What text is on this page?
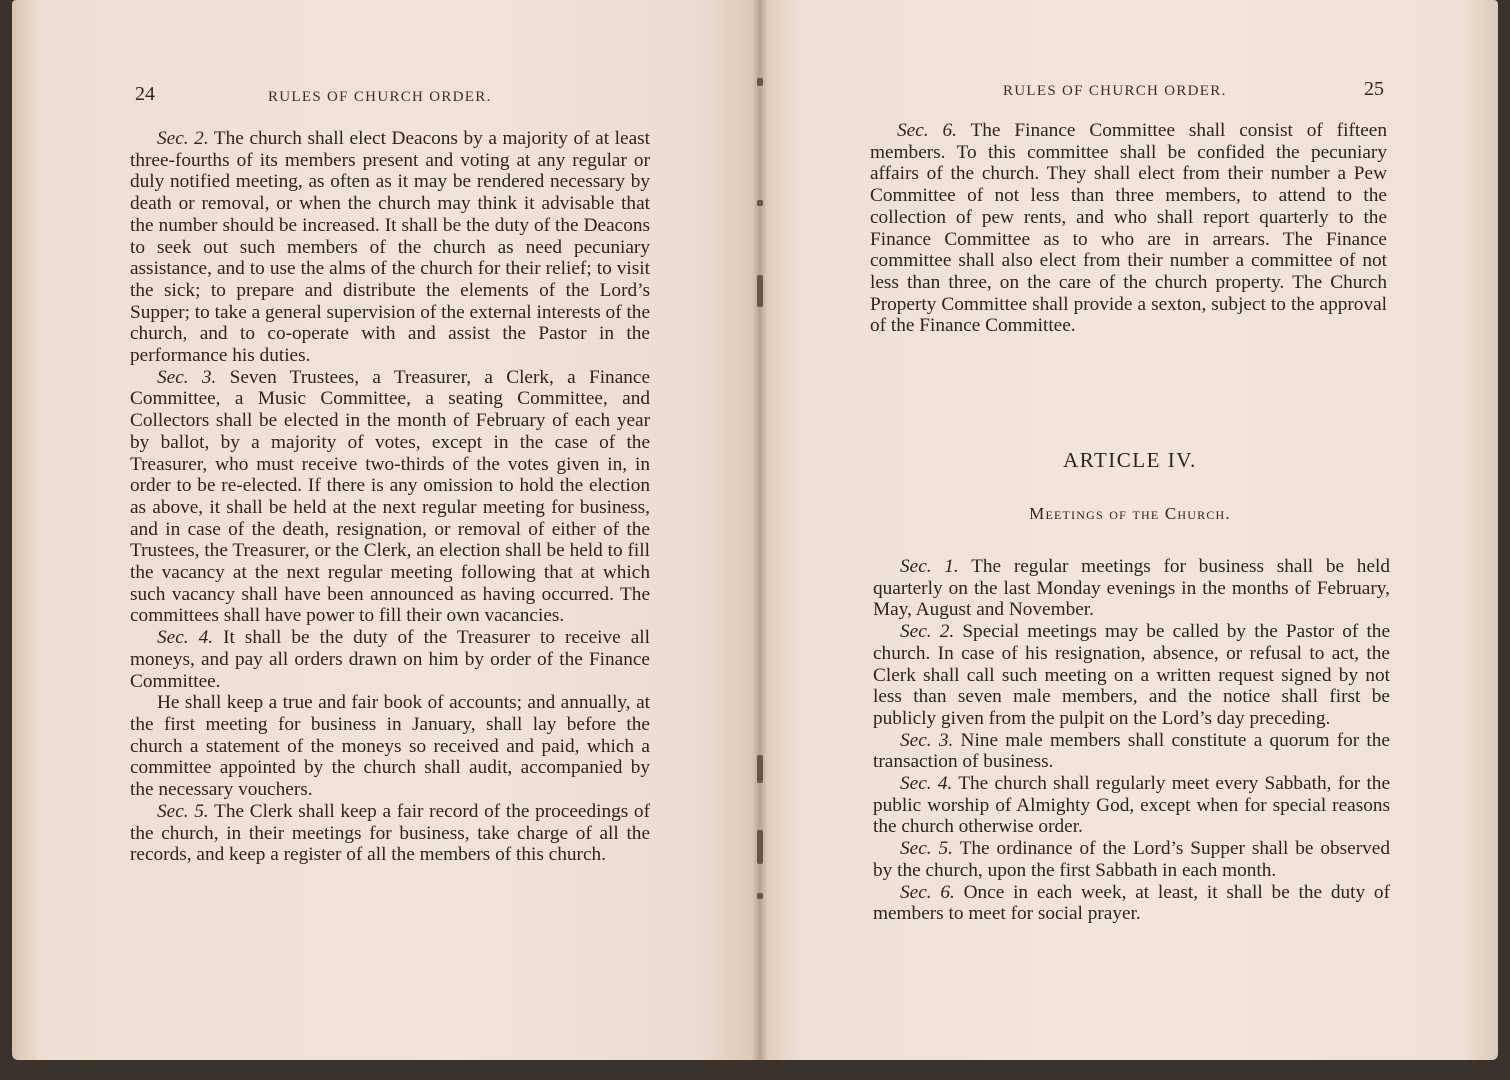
24	RULES OF CHURCH ORDER.

Sec. 2. The church shall elect Deacons by a majority of at least three-fourths of its members present and voting at any regular or duly notified meeting, as often as it may be rendered necessary by death or removal, or when the church may think it advisable that the number should be increased. It shall be the duty of the Deacons to seek out such members of the church as need pecuniary assistance, and to use the alms of the church for their relief; to visit the sick; to prepare and distribute the elements of the Lord’s Supper; to take a general supervision of the external interests of the church, and to co-operate with and assist the Pastor in the performance his duties.

Sec. 3. Seven Trustees, a Treasurer, a Clerk, a Finance Committee, a Music Committee, a seating Committee, and Collectors shall be elected in the month of February of each year by ballot, by a majority of votes, except in the case of the Treasurer, who must receive two-thirds of the votes given in, in order to be re-elected. If there is any omission to hold the election as above, it shall be held at the next regular meeting for business, and in case of the death, resignation, or removal of either of the Trustees, the Treasurer, or the Clerk, an election shall be held to fill the vacancy at the next regular meeting following that at which such vacancy shall have been announced as having occurred. The committees shall have power to fill their own vacancies.

Sec. 4. It shall be the duty of the Treasurer to receive all moneys, and pay all orders drawn on him by order of the Finance Committee.

He shall keep a true and fair book of accounts; and annually, at the first meeting for business in January, shall lay before the church a statement of the moneys so received and paid, which a committee appointed by the church shall audit, accompanied by the necessary vouchers.

Sec. 5. The Clerk shall keep a fair record of the proceedings of the church, in their meetings for business, take charge of all the records, and keep a register of all the members of this church.

RULES OF CHURCH ORDER.	25

Sec. 6. The Finance Committee shall consist of fifteen members. To this committee shall be confided the pecuniary affairs of the church. They shall elect from their number a Pew Committee of not less than three members, to attend to the collection of pew rents, and who shall report quarterly to the Finance Committee as to who are in arrears. The Finance committee shall also elect from their number a committee of not less than three, on the care of the church property. The Church Property Committee shall provide a sexton, subject to the approval of the Finance Committee.

ARTICLE IV.
Meetings of the Church.

Sec. 1. The regular meetings for business shall be held quarterly on the last Monday evenings in the months of February, May, August and November.

Sec. 2. Special meetings may be called by the Pastor of the church. In case of his resignation, absence, or refusal to act, the Clerk shall call such meeting on a written request signed by not less than seven male members, and the notice shall first be publicly given from the pulpit on the Lord’s day preceding.

Sec. 3. Nine male members shall constitute a quorum for the transaction of business.

Sec. 4. The church shall regularly meet every Sabbath, for the public worship of Almighty God, except when for special reasons the church otherwise order.

Sec. 5. The ordinance of the Lord’s Supper shall be observed by the church, upon the first Sabbath in each month.

Sec. 6. Once in each week, at least, it shall be the duty of members to meet for social prayer.
